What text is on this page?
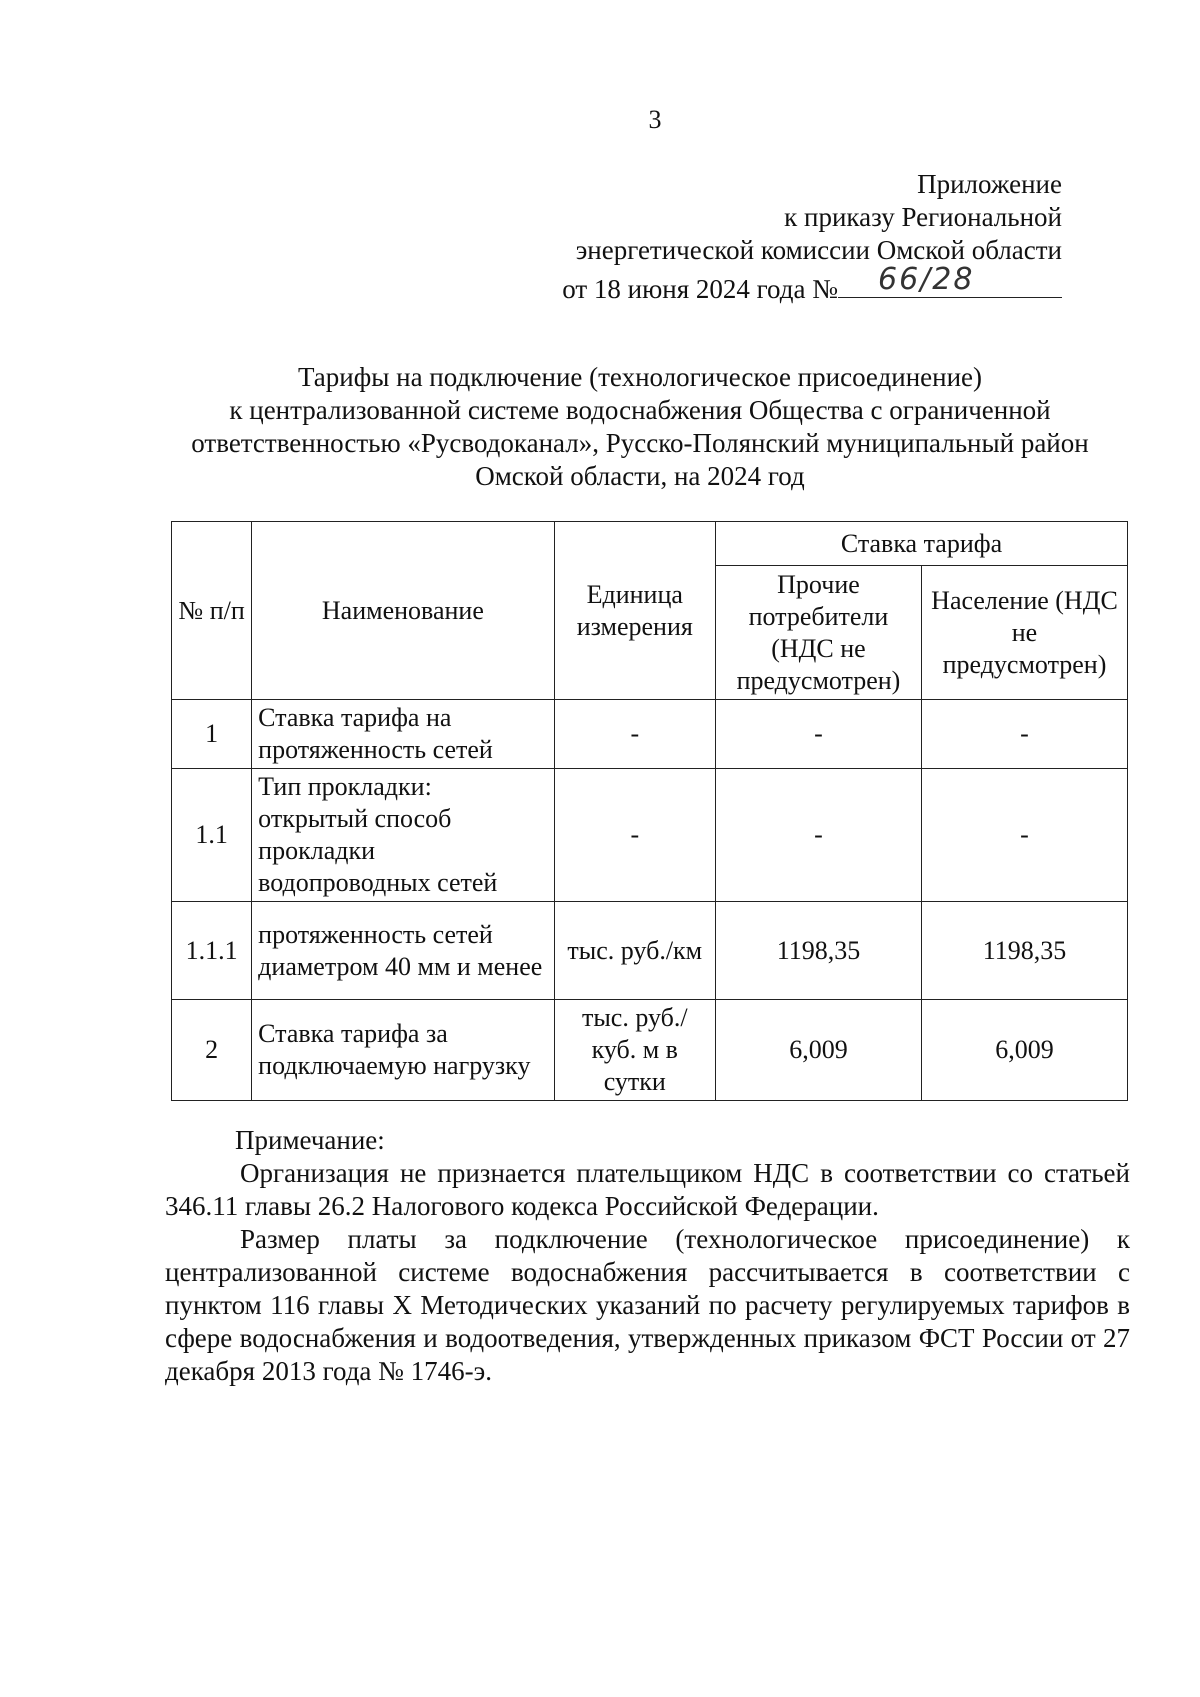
3
Приложение
к приказу Региональной
энергетической комиссии Омской области
от 18 июня 2024 года № 66/28
Тарифы на подключение (технологическое присоединение)
к централизованной системе водоснабжения Общества с ограниченной
ответственностью «Русводоканал», Русско-Полянский муниципальный район
Омской области, на 2024 год
№ п/п	Наименование	Единица измерения	Ставка тарифа	
			Прочие потребители (НДС не предусмотрен)	Население (НДС не предусмотрен)
1	Ставка тарифа на протяженность сетей	-	-	-
1.1	Тип прокладки: открытый способ прокладки водопроводных сетей	-	-	-
1.1.1	протяженность сетей диаметром 40 мм и менее	тыс. руб./км	1198,35	1198,35
2	Ставка тарифа за подключаемую нагрузку	тыс. руб./куб. м в сутки	6,009	6,009
Примечание:

Организация не признается плательщиком НДС в соответствии со статьей 346.11 главы 26.2 Налогового кодекса Российской Федерации.

Размер платы за подключение (технологическое присоединение) к централизованной системе водоснабжения рассчитывается в соответствии с пунктом 116 главы X Методических указаний по расчету регулируемых тарифов в сфере водоснабжения и водоотведения, утвержденных приказом ФСТ России от 27 декабря 2013 года № 1746-э.
